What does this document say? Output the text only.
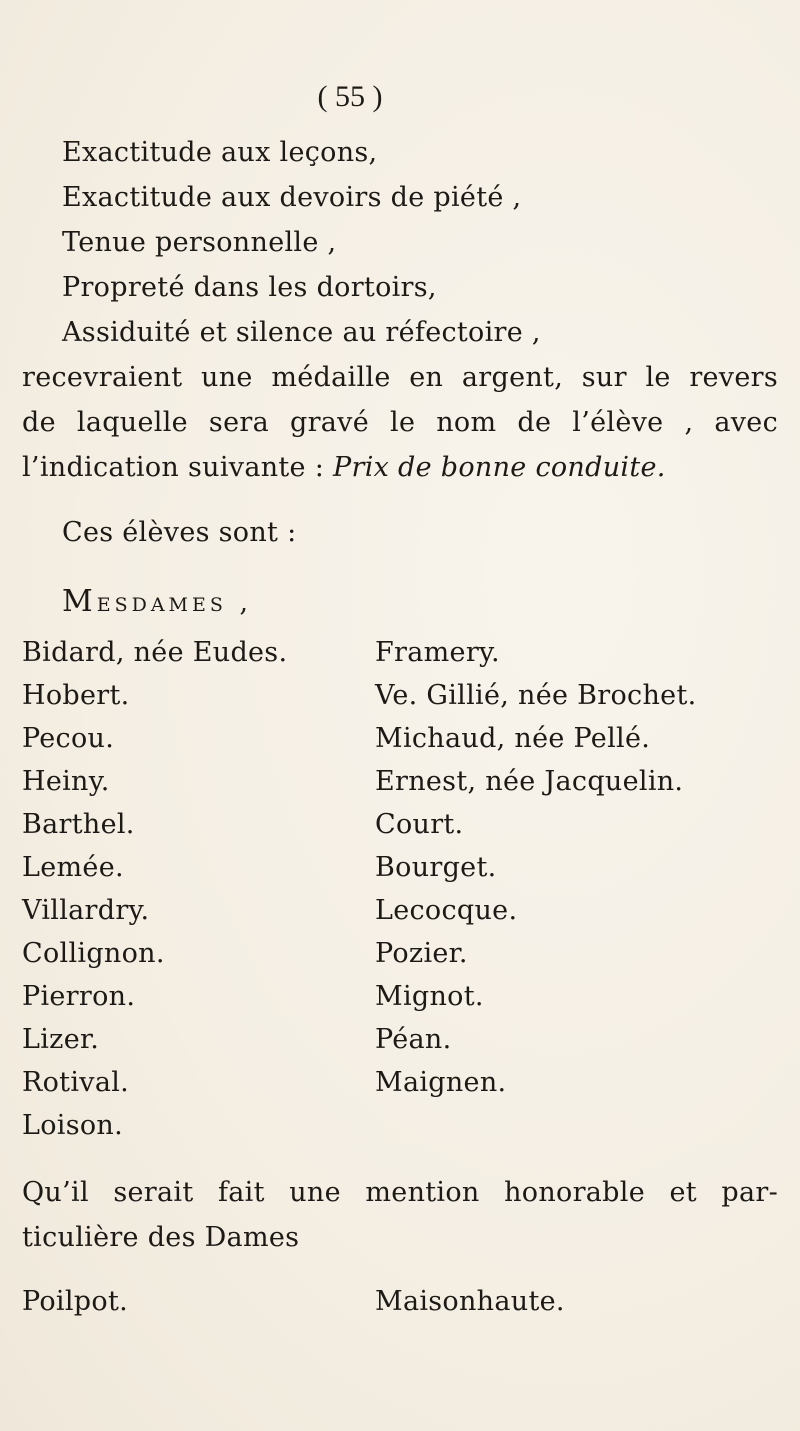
( 55 )
Exactitude aux leçons,
Exactitude aux devoirs de piété ,
Tenue personnelle ,
Propreté dans les dortoirs,
Assiduité et silence au réfectoire ,
recevraient une médaille en argent, sur le revers
de laquelle sera gravé le nom de l’élève , avec
l’indication suivante : Prix de bonne conduite.
Ces élèves sont :
MESDAMES ,
Bidard, née Eudes.
Hobert.
Pecou.
Heiny.
Barthel.
Lemée.
Villardry.
Collignon.
Pierron.
Lizer.
Rotival.
Loison.
Framery.
Ve. Gillié, née Brochet.
Michaud, née Pellé.
Ernest, née Jacquelin.
Court.
Bourget.
Lecocque.
Pozier.
Mignot.
Péan.
Maignen.
Qu’il serait fait une mention honorable et par-
ticulière des Dames
Poilpot.	Maisonhaute.
